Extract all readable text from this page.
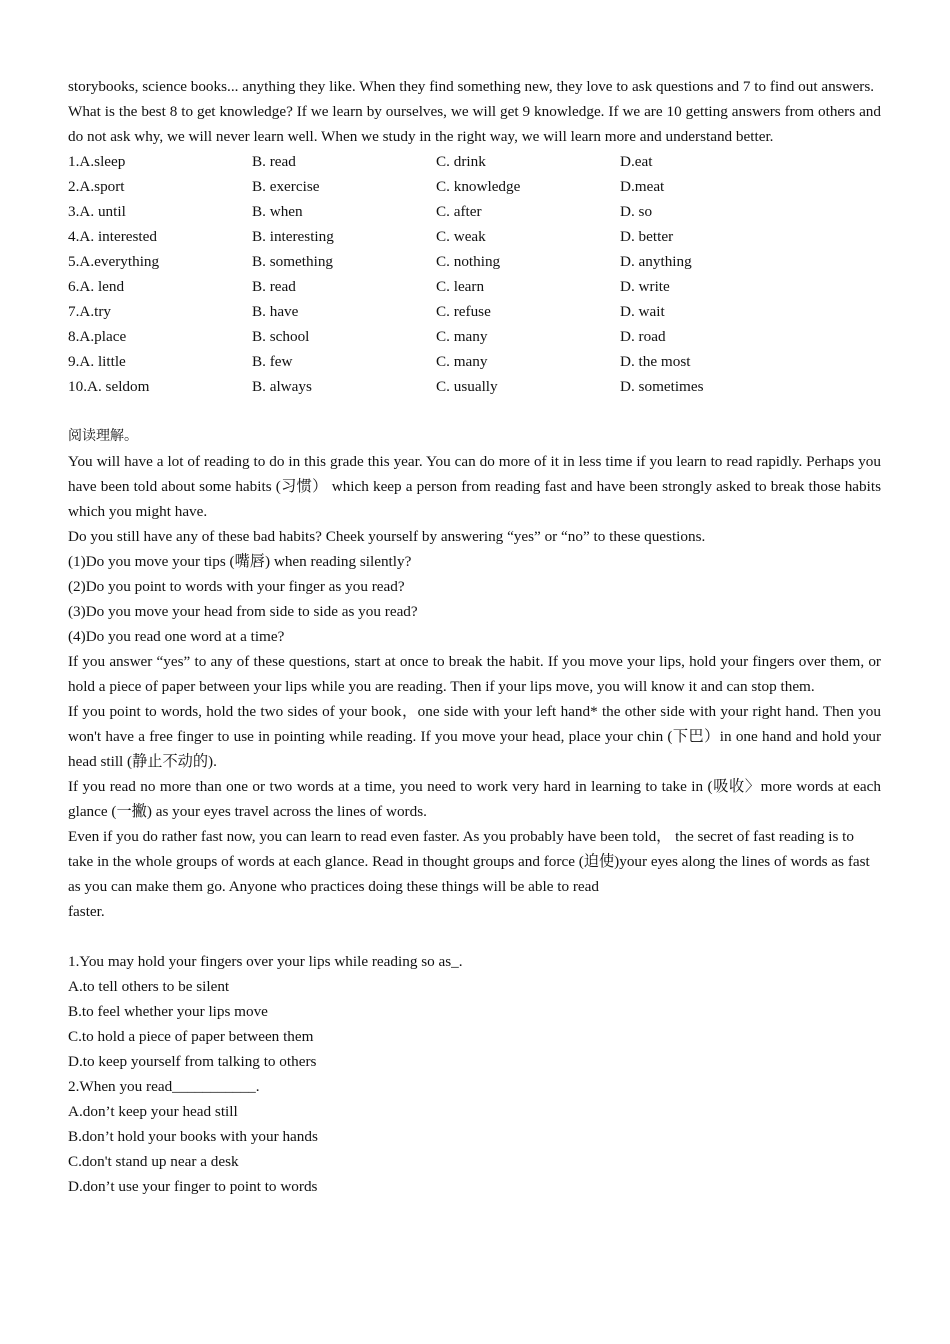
storybooks, science books... anything they like. When they find something new, they love to ask questions and 7 to find out answers.

What is the best 8 to get knowledge? If we learn by ourselves, we will get 9 knowledge. If we are 10 getting answers from others and do not ask why, we will never learn well. When we study in the right way, we will learn more and understand better.

1.A.sleep	B. read	C. drink	D.eat
2.A.sport	B. exercise	C. knowledge	D.meat
3.A. until	B. when	C. after	D. so
4.A. interested	B. interesting	C. weak	D. better
5.A.everything	B. something	C. nothing	D. anything
6.A. lend	B. read	C. learn	D. write
7.A.try	B. have	C. refuse	D. wait
8.A.place	B. school	C. many	D. road
9.A. little	B. few	C. many	D. the most
10.A. seldom	B. always	C. usually	D. sometimes

阅读理解。

You will have a lot of reading to do in this grade this year. You can do more of it in less time if you learn to read rapidly. Perhaps you have been told about some habits (习惯） which keep a person from reading fast and have been strongly asked to break those habits which you might have.

Do you still have any of these bad habits? Cheek yourself by answering “yes” or “no” to these questions.

(1)Do you move your tips (嘴唇) when reading silently?

(2)Do you point to words with your finger as you read?

(3)Do you move your head from side to side as you read?

(4)Do you read one word at a time?

If you answer “yes” to any of these questions, start at once to break the habit. If you move your lips, hold your fingers over them, or hold a piece of paper between your lips while you are reading. Then if your lips move, you will know it and can stop them.

If you point to words, hold the two sides of your book，one side with your left hand* the other side with your right hand. Then you won't have a free finger to use in pointing while reading. If you move your head, place your chin (下巴）in one hand and hold your head still (静止不动的).

If you read no more than one or two words at a time, you need to work very hard in learning to take in (吸收〉more words at each glance (一撇) as your eyes travel across the lines of words.

Even if you do rather fast now, you can learn to read even faster. As you probably have been told， the secret of fast reading is to take in the whole groups of words at each glance. Read in thought groups and force (迫使)your eyes along the lines of words as fast as you can make them go. Anyone who practices doing these things will be able to read

faster.

1.You may hold your fingers over your lips while reading so as_.

A.to tell others to be silent

B.to feel whether your lips move

C.to hold a piece of paper between them

D.to keep yourself from talking to others

2.When you read___________.

A.don’t keep your head still

B.don’t hold your books with your hands

C.don't stand up near a desk

D.don’t use your finger to point to words
